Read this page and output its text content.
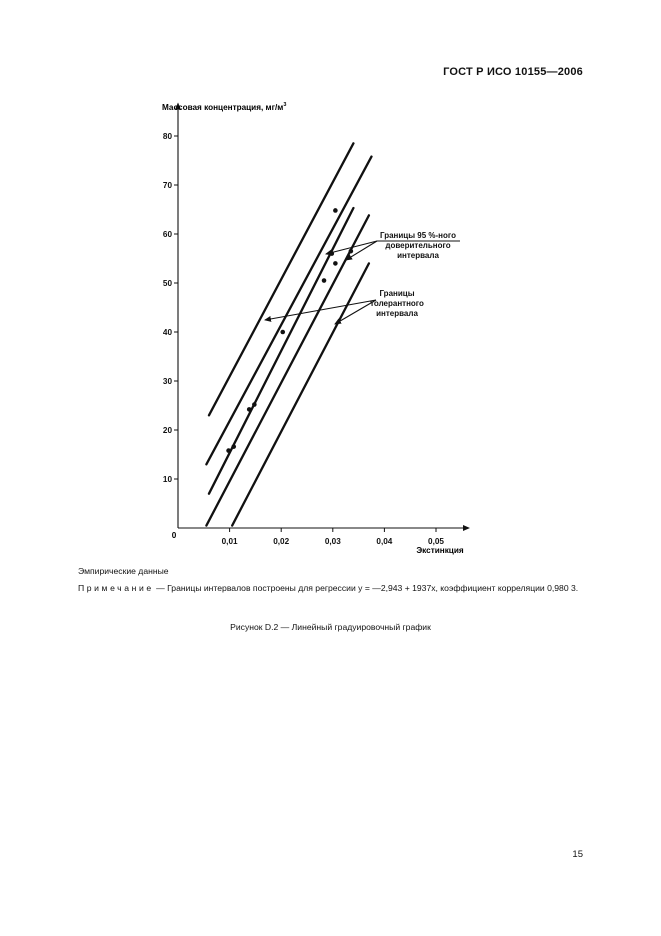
ГОСТ Р ИСО 10155—2006
0,01	0,02	0,03	0,04	0,05
10
20
30
40
50
60
70
80
Границы 95 %-ного
доверительного
интервала
Границы
толерантного
интервала
Массовая концентрация, $мг/м^3$
Экстинкция
0
Эмпирические данные
Примечание — Границы интервалов построены для регрессии y = —2,943 + 1937x, коэффициент корреляции 0,980 3.
Рисунок D.2 — Линейный градуировочный график
15
